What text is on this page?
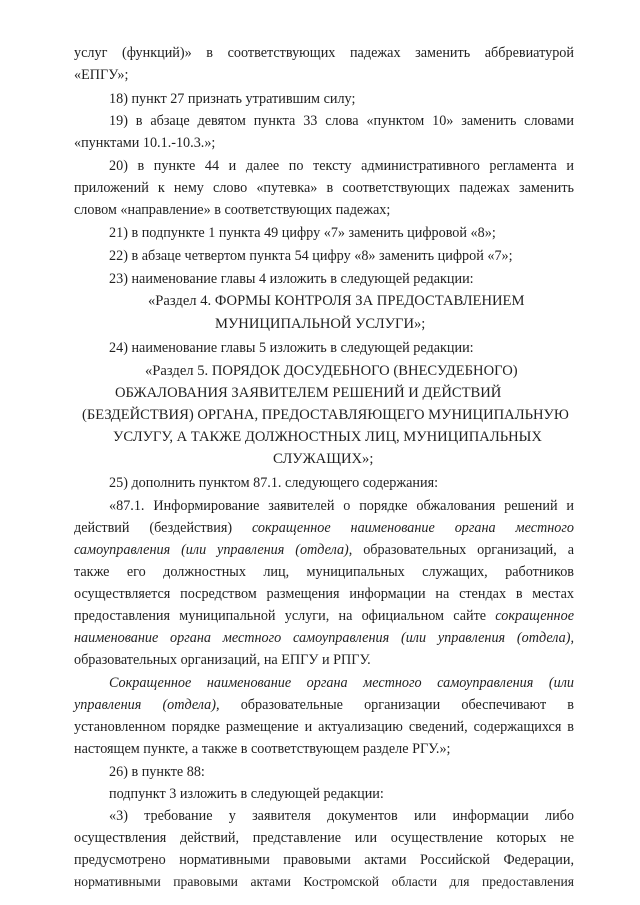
услуг (функций)» в соответствующих падежах заменить аббревиатурой
«ЕПГУ»;
18) пункт 27 признать утратившим силу;
19) в абзаце девятом пункта 33 слова «пунктом 10» заменить словами
«пунктами 10.1.-10.3.»;
20) в пункте 44 и далее по тексту административного регламента и
приложений к нему слово «путевка» в соответствующих падежах заменить
словом «направление» в соответствующих падежах;
21) в подпункте 1 пункта 49 цифру «7» заменить цифровой «8»;
22) в абзаце четвертом пункта 54 цифру «8» заменить цифрой «7»;
23) наименование главы 4 изложить в следующей редакции:
«Раздел 4. ФОРМЫ КОНТРОЛЯ ЗА ПРЕДОСТАВЛЕНИЕМ
МУНИЦИПАЛЬНОЙ УСЛУГИ»;
24) наименование главы 5 изложить в следующей редакции:
«Раздел 5. ПОРЯДОК ДОСУДЕБНОГО (ВНЕСУДЕБНОГО)
ОБЖАЛОВАНИЯ ЗАЯВИТЕЛЕМ РЕШЕНИЙ И ДЕЙСТВИЙ
(БЕЗДЕЙСТВИЯ) ОРГАНА, ПРЕДОСТАВЛЯЮЩЕГО МУНИЦИПАЛЬНУЮ
УСЛУГУ, А ТАКЖЕ ДОЛЖНОСТНЫХ ЛИЦ, МУНИЦИПАЛЬНЫХ
СЛУЖАЩИХ»;
25) дополнить пунктом 87.1. следующего содержания:
«87.1. Информирование заявителей о порядке обжалования решений и
действий (бездействия) сокращенное наименование органа местного
самоуправления (или управления (отдела), образовательных организаций, а
также его должностных лиц, муниципальных служащих, работников
осуществляется посредством размещения информации на стендах в местах
предоставления муниципальной услуги, на официальном сайте сокращенное
наименование органа местного самоуправления (или управления (отдела),
образовательных организаций, на ЕПГУ и РПГУ.
Сокращенное наименование органа местного самоуправления (или
управления (отдела), образовательные организации обеспечивают в
установленном порядке размещение и актуализацию сведений, содержащихся в
настоящем пункте, а также в соответствующем разделе РГУ.»;
26) в пункте 88:
подпункт 3 изложить в следующей редакции:
«3) требование у заявителя документов или информации либо
осуществления действий, представление или осуществление которых не
предусмотрено нормативными правовыми актами Российской Федерации,
нормативными правовыми актами Костромской области для предоставления
